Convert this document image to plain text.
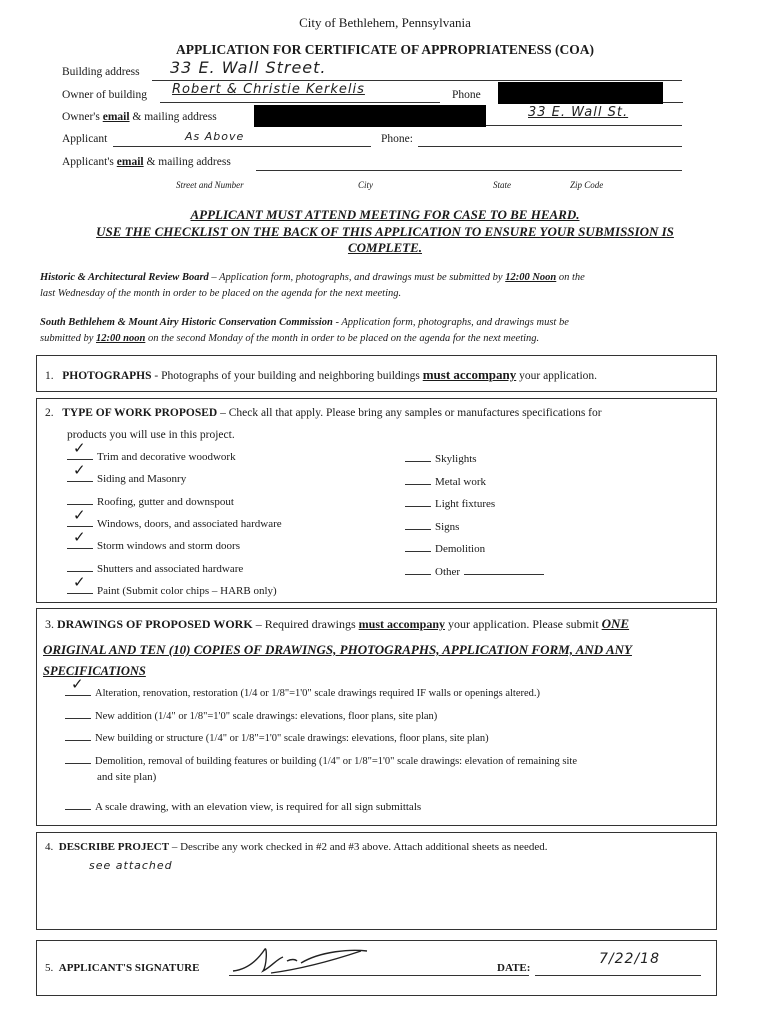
City of Bethlehem, Pennsylvania
APPLICATION FOR CERTIFICATE OF APPROPRIATENESS (COA)
Building address 33 E. Wall Street.
Owner of building Robert & Christie Kerkelis	Phone
Owner's email & mailing address	33 E. Wall St.
Applicant	As Above	Phone:
Applicant's email & mailing address
Street and Number	City	State	Zip Code
APPLICANT MUST ATTEND MEETING FOR CASE TO BE HEARD.
USE THE CHECKLIST ON THE BACK OF THIS APPLICATION TO ENSURE YOUR SUBMISSION IS
COMPLETE.
Historic & Architectural Review Board – Application form, photographs, and drawings must be submitted by 12:00 Noon on the
last Wednesday of the month in order to be placed on the agenda for the next meeting.
South Bethlehem & Mount Airy Historic Conservation Commission - Application form, photographs, and drawings must be
submitted by 12:00 noon on the second Monday of the month in order to be placed on the agenda for the next meeting.
1. PHOTOGRAPHS - Photographs of your building and neighboring buildings must accompany your application.
2. TYPE OF WORK PROPOSED – Check all that apply. Please bring any samples or manufactures specifications for
products you will use in this project.
✓ Trim and decorative woodwork
✓ Siding and Masonry
Roofing, gutter and downspout
✓ Windows, doors, and associated hardware
✓ Storm windows and storm doors
Shutters and associated hardware
✓ Paint (Submit color chips – HARB only)
Skylights
Metal work
Light fixtures
Signs
Demolition
Other
3. DRAWINGS OF PROPOSED WORK – Required drawings must accompany your application. Please submit ONE
ORIGINAL AND TEN (10) COPIES OF DRAWINGS, PHOTOGRAPHS, APPLICATION FORM, AND ANY
SPECIFICATIONS
✓
Alteration, renovation, restoration (1/4 or 1/8"=1'0" scale drawings required IF walls or openings altered.)
New addition (1/4" or 1/8"=1'0" scale drawings: elevations, floor plans, site plan)
New building or structure (1/4" or 1/8"=1'0" scale drawings: elevations, floor plans, site plan)
Demolition, removal of building features or building (1/4" or 1/8"=1'0" scale drawings: elevation of remaining site
and site plan)
A scale drawing, with an elevation view, is required for all sign submittals
4. DESCRIBE PROJECT – Describe any work checked in #2 and #3 above. Attach additional sheets as needed.
see attached
5. APPLICANT'S SIGNATURE	DATE:
7/22/18
